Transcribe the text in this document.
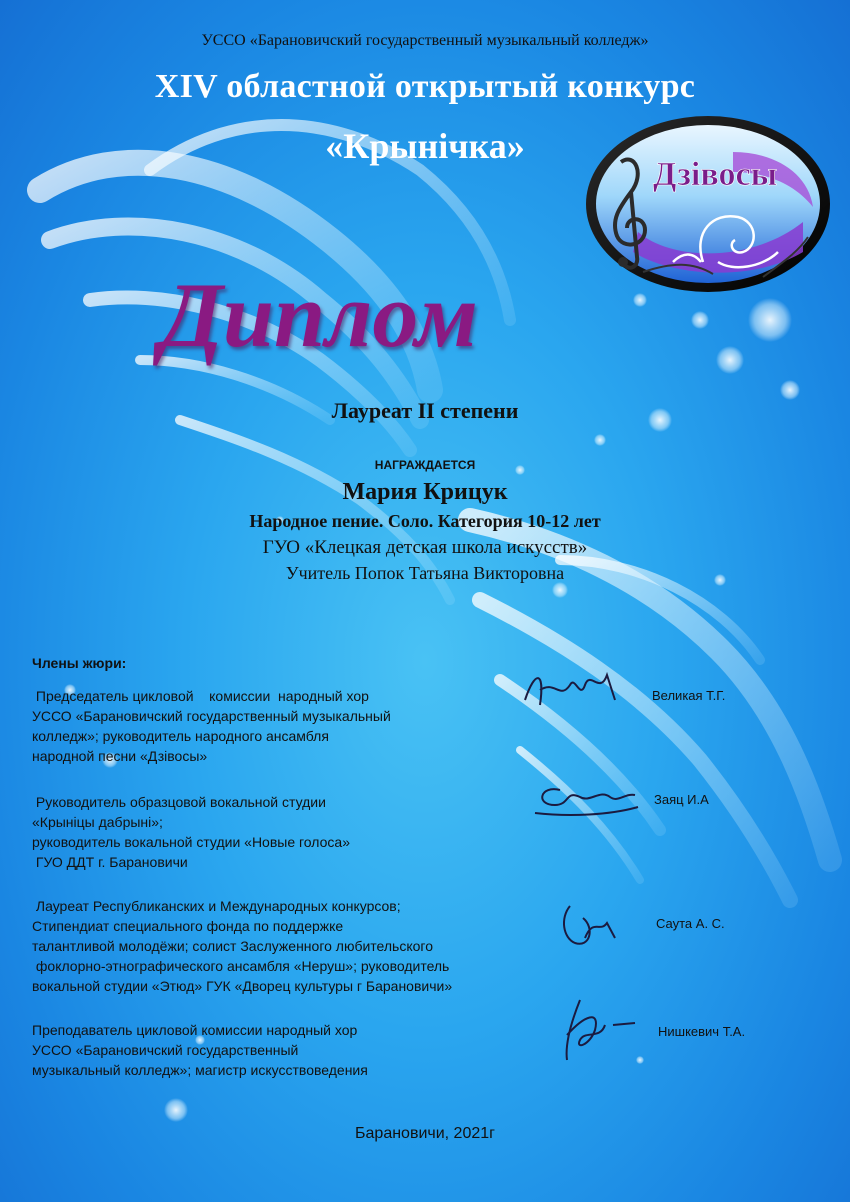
Дзівосы
УССО «Барановичский государственный музыкальный колледж»
XIV областной открытый конкурс
«Крынічка»
Диплом
Лауреат II степени
НАГРАЖДАЕТСЯ
Мария Крицук
Народное пение. Соло. Категория 10-12 лет
ГУО «Клецкая детская школа искусств»
Учитель Попок Татьяна Викторовна
Члены жюри:
Председатель цикловой    комиссии  народный хор
УССО «Барановичский государственный музыкальный
колледж»; руководитель народного ансамбля
народной песни «Дзівосы»
Великая Т.Г.
Руководитель образцовой вокальной студии
«Крыніцы дабрыні»;
руководитель вокальной студии «Новые голоса»
ГУО ДДТ г. Барановичи
Заяц И.А
Лауреат Республиканских и Международных конкурсов;
Стипендиат специального фонда по поддержке
талантливой молодёжи; солист Заслуженного любительского
фоклорно-этнографического ансамбля «Неруш»; руководитель
вокальной студии «Этюд» ГУК «Дворец культуры г Барановичи»
Саута А. С.
Преподаватель цикловой комиссии народный хор
УССО «Барановичский государственный
музыкальный колледж»; магистр искусствоведения
Нишкевич Т.А.
Барановичи, 2021г
